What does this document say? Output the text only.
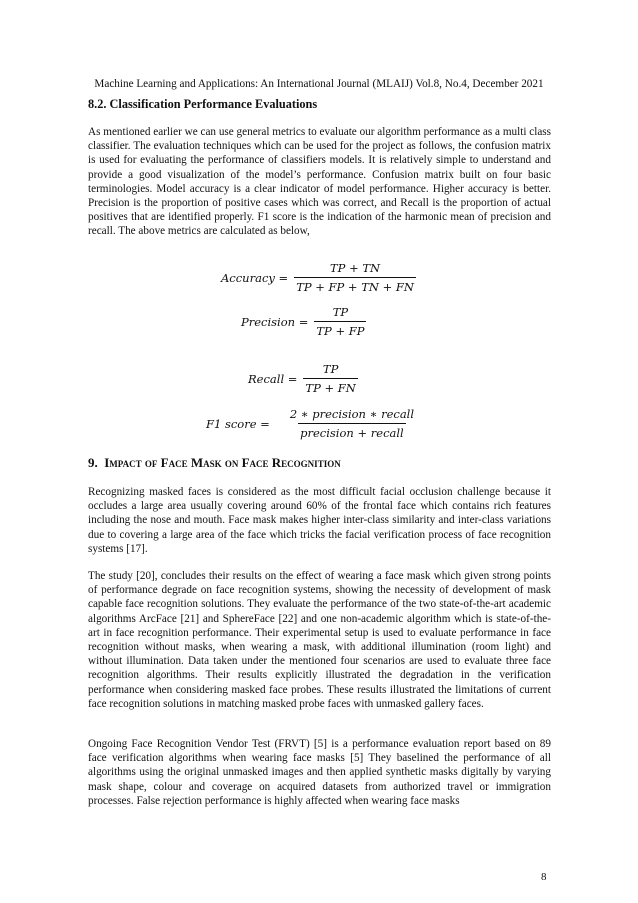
Machine Learning and Applications: An International Journal (MLAIJ) Vol.8, No.4, December 2021
8.2. Classification Performance Evaluations

As mentioned earlier we can use general metrics to evaluate our algorithm performance as a multi class classifier. The evaluation techniques which can be used for the project as follows, the confusion matrix is used for evaluating the performance of classifiers models. It is relatively simple to understand and provide a good visualization of the model’s performance. Confusion matrix built on four basic terminologies. Model accuracy is a clear indicator of model performance. Higher accuracy is better. Precision is the proportion of positive cases which was correct, and Recall is the proportion of actual positives that are identified properly. F1 score is the indication of the harmonic mean of precision and recall. The above metrics are calculated as below,

Accuracy = $\frac{TP + TN}{TP + FP + TN + FN}$
Precision = $\frac{TP}{TP + FP}$
Recall = $\frac{TP}{TP + FN}$
F1 score = $\frac{\text{2 ∗ precision ∗ recall}}{\text{precision + recall}}$
9. Impact of Face Mask on Face Recognition

Recognizing masked faces is considered as the most difficult facial occlusion challenge because it occludes a large area usually covering around 60% of the frontal face which contains rich features including the nose and mouth. Face mask makes higher inter-class similarity and inter-class variations due to covering a large area of the face which tricks the facial verification process of face recognition systems [17].

The study [20], concludes their results on the effect of wearing a face mask which given strong points of performance degrade on face recognition systems, showing the necessity of development of mask capable face recognition solutions. They evaluate the performance of the two state-of-the-art academic algorithms ArcFace [21] and SphereFace [22] and one non-academic algorithm which is state-of-the-art in face recognition performance. Their experimental setup is used to evaluate performance in face recognition without masks, when wearing a mask, with additional illumination (room light) and without illumination. Data taken under the mentioned four scenarios are used to evaluate three face recognition algorithms. Their results explicitly illustrated the degradation in the verification performance when considering masked face probes. These results illustrated the limitations of current face recognition solutions in matching masked probe faces with unmasked gallery faces.

Ongoing Face Recognition Vendor Test (FRVT) [5] is a performance evaluation report based on 89 face verification algorithms when wearing face masks [5] They baselined the performance of all algorithms using the original unmasked images and then applied synthetic masks digitally by varying mask shape, colour and coverage on acquired datasets from authorized travel or immigration processes. False rejection performance is highly affected when wearing face masks

8
